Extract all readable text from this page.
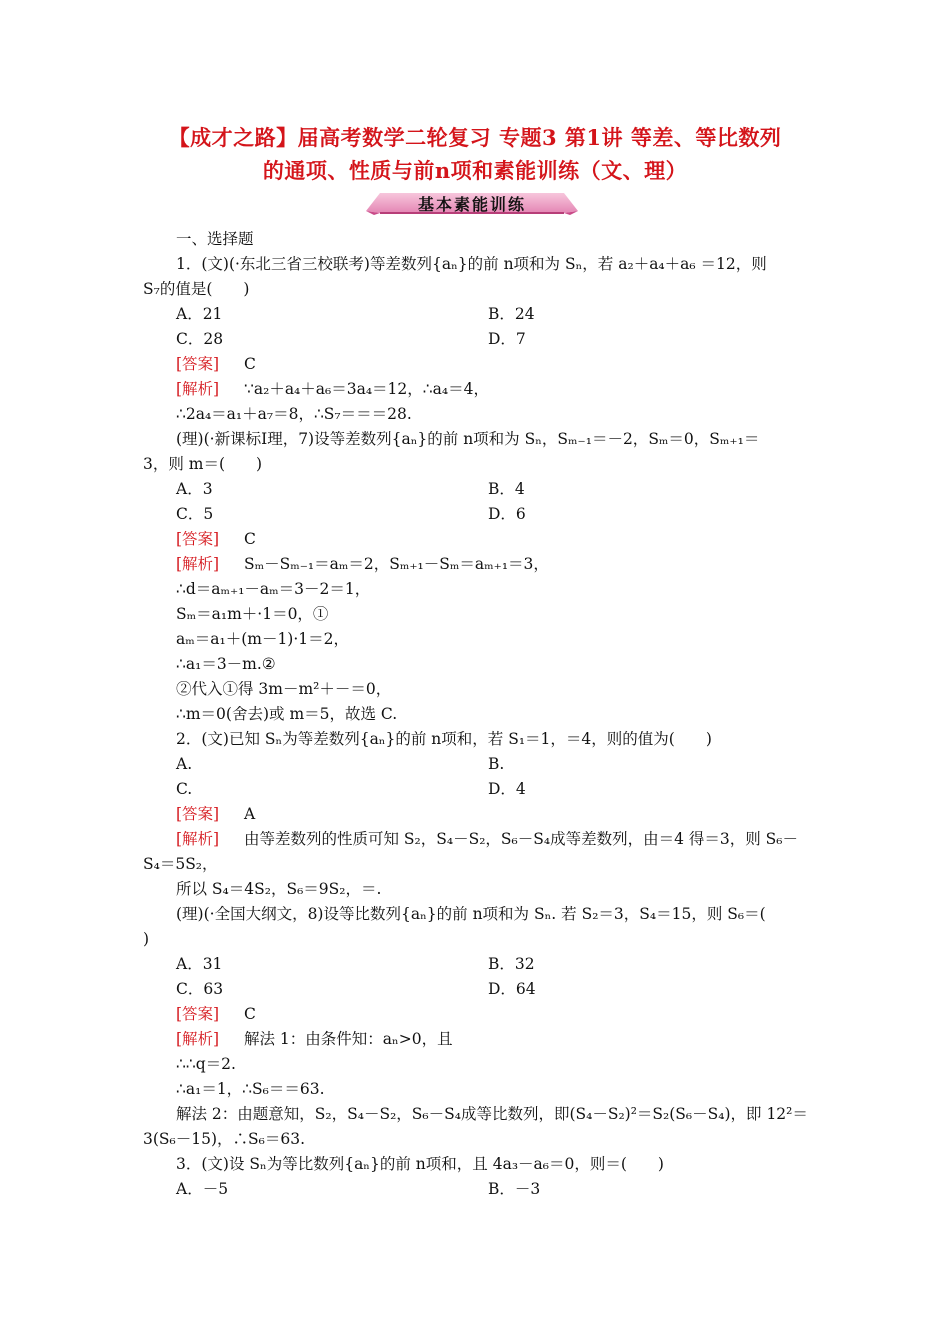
【成才之路】届高考数学二轮复习 专题3 第1讲 等差、等比数列
的通项、性质与前n项和素能训练（文、理）
基本素能训练
一、选择题
1．(文)(·东北三省三校联考)等差数列{aₙ}的前 n项和为 Sₙ，若 a₂＋a₄＋a₆ ＝12，则
S₇的值是(　　)
A．21	B．24
C．28	D．7
[答案] C
[解析] ∵a₂＋a₄＋a₆＝3a₄＝12，∴a₄＝4，
∴2a₄＝a₁＋a₇＝8，∴S₇＝＝＝28.
(理)(·新课标Ⅰ理，7)设等差数列{aₙ}的前 n项和为 Sₙ，Sₘ₋₁＝－2，Sₘ＝0，Sₘ₊₁＝
3，则 m＝(　　)
A．3	B．4
C．5	D．6
[答案] C
[解析] Sₘ－Sₘ₋₁＝aₘ＝2，Sₘ₊₁－Sₘ＝aₘ₊₁＝3，
∴d＝aₘ₊₁－aₘ＝3－2＝1，
Sₘ＝a₁m＋·1＝0，①
aₘ＝a₁＋(m－1)·1＝2，
∴a₁＝3－m.②
②代入①得 3m－m²＋－＝0，
∴m＝0(舍去)或 m＝5，故选 C.
2．(文)已知 Sₙ为等差数列{aₙ}的前 n项和，若 S₁＝1，＝4，则的值为(　　)
A.	B.
C.	D．4
[答案] A
[解析] 由等差数列的性质可知 S₂，S₄－S₂，S₆－S₄成等差数列，由＝4 得＝3，则 S₆－
S₄＝5S₂，
所以 S₄＝4S₂，S₆＝9S₂，＝.
(理)(·全国大纲文，8)设等比数列{aₙ}的前 n项和为 Sₙ. 若 S₂＝3，S₄＝15，则 S₆＝(
)
A．31	B．32
C．63	D．64
[答案] C
[解析] 解法 1：由条件知：aₙ>0，且
∴∴q＝2.
∴a₁＝1，∴S₆＝＝63.
解法 2：由题意知，S₂，S₄－S₂，S₆－S₄成等比数列，即(S₄－S₂)²＝S₂(S₆－S₄)，即 12²＝
3(S₆－15)，∴S₆＝63.
3．(文)设 Sₙ为等比数列{aₙ}的前 n项和，且 4a₃－a₆＝0，则＝(　　)
A．－5	B．－3
